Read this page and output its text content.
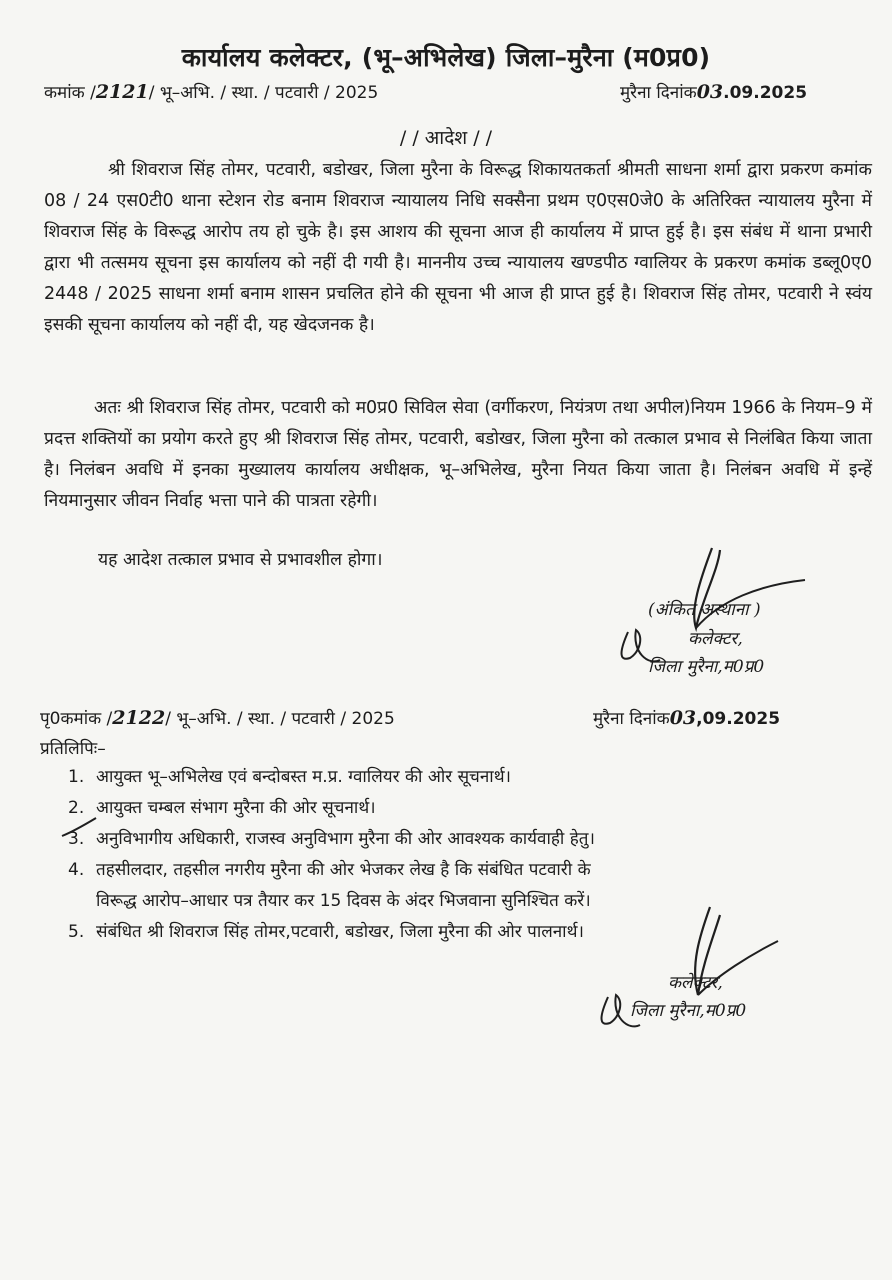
कार्यालय कलेक्टर, (भू–अभिलेख) जिला–मुरैना (म0प्र0)
कमांक /2121/ भू–अभि. / स्था. / पटवारी / 2025	मुरैना दिनांक03.09.2025
/ / आदेश / /
श्री शिवराज सिंह तोमर, पटवारी, बडोखर, जिला मुरैना के विरूद्ध शिकायतकर्ता श्रीमती साधना शर्मा द्वारा प्रकरण कमांक 08 / 24 एस0टी0 थाना स्टेशन रोड बनाम शिवराज न्यायालय निधि सक्सैना प्रथम ए0एस0जे0 के अतिरिक्त न्यायालय मुरैना में शिवराज सिंह के विरूद्ध आरोप तय हो चुके है। इस आशय की सूचना आज ही कार्यालय में प्राप्त हुई है। इस संबंध में थाना प्रभारी द्वारा भी तत्समय सूचना इस कार्यालय को नहीं दी गयी है। माननीय उच्च न्यायालय खण्डपीठ ग्वालियर के प्रकरण कमांक डब्लू0ए0 2448 / 2025 साधना शर्मा बनाम शासन प्रचलित होने की सूचना भी आज ही प्राप्त हुई है। शिवराज सिंह तोमर, पटवारी ने स्वंय इसकी सूचना कार्यालय को नहीं दी, यह खेदजनक है।
अतः श्री शिवराज सिंह तोमर, पटवारी को म0प्र0 सिविल सेवा (वर्गीकरण, नियंत्रण तथा अपील)नियम 1966 के नियम–9 में प्रदत्त शक्तियों का प्रयोग करते हुए श्री शिवराज सिंह तोमर, पटवारी, बडोखर, जिला मुरैना को तत्काल प्रभाव से निलंबित किया जाता है। निलंबन अवधि में इनका मुख्यालय कार्यालय अधीक्षक, भू–अभिलेख, मुरैना नियत किया जाता है। निलंबन अवधि में इन्हें नियमानुसार जीवन निर्वाह भत्ता पाने की पात्रता रहेगी।
यह आदेश तत्काल प्रभाव से प्रभावशील होगा।
(अंकित अस्थाना )
कलेक्टर,
जिला मुरैना,म0प्र0
पृ0कमांक /2122/ भू–अभि. / स्था. / पटवारी / 2025	मुरैना दिनांक03,09.2025
प्रतिलिपिः–
1. आयुक्त भू–अभिलेख एवं बन्दोबस्त म.प्र. ग्वालियर की ओर सूचनार्थ।
2. आयुक्त चम्बल संभाग मुरैना की ओर सूचनार्थ।
3. अनुविभागीय अधिकारी, राजस्व अनुविभाग मुरैना की ओर आवश्यक कार्यवाही हेतु।
4. तहसीलदार, तहसील नगरीय मुरैना की ओर भेजकर लेख है कि संबंधित पटवारी के
विरूद्ध आरोप–आधार पत्र तैयार कर 15 दिवस के अंदर भिजवाना सुनिश्चित करें।
5. संबंधित श्री शिवराज सिंह तोमर,पटवारी, बडोखर, जिला मुरैना की ओर पालनार्थ।
कलेक्टर,
जिला मुरैना,म0प्र0
